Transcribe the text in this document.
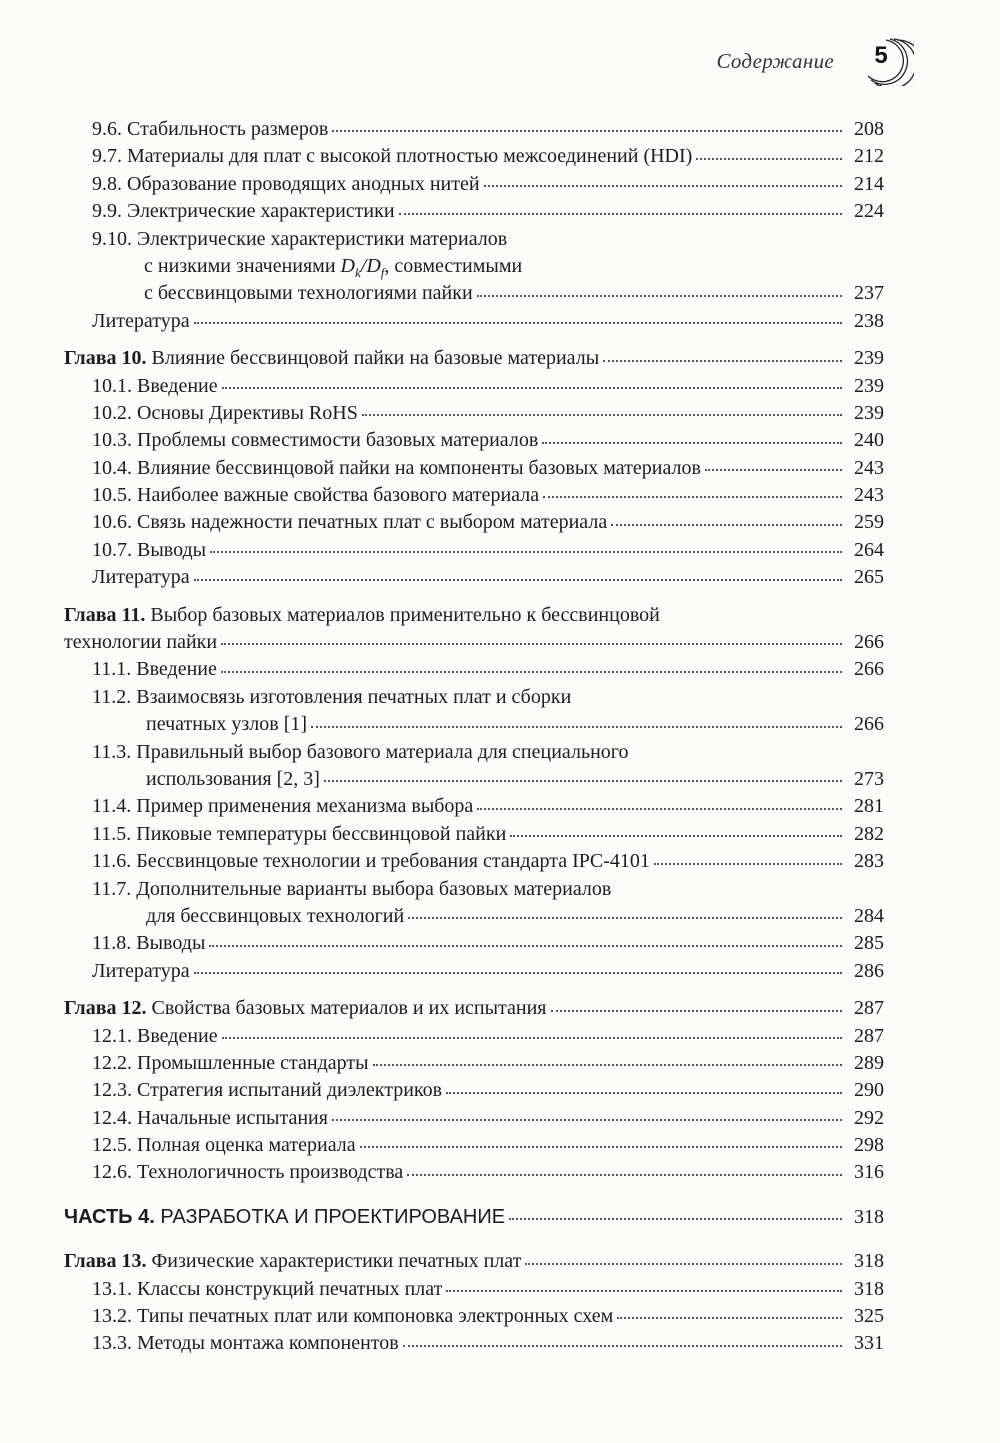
Содержание	5
9.6. Стабильность размеров	208
9.7. Материалы для плат с высокой плотностью межсоединений (HDI)	212
9.8. Образование проводящих анодных нитей	214
9.9. Электрические характеристики	224
9.10. Электрические характеристики материалов
с низкими значениями $D_k/D_f$, совместимыми
с бессвинцовыми технологиями пайки	237
Литература	238
Глава 10. Влияние бессвинцовой пайки на базовые материалы	239
10.1. Введение	239
10.2. Основы Директивы RoHS	239
10.3. Проблемы совместимости базовых материалов	240
10.4. Влияние бессвинцовой пайки на компоненты базовых материалов	243
10.5. Наиболее важные свойства базового материала	243
10.6. Связь надежности печатных плат с выбором материала	259
10.7. Выводы	264
Литература	265
Глава 11. Выбор базовых материалов применительно к бессвинцовой
технологии пайки	266
11.1. Введение	266
11.2. Взаимосвязь изготовления печатных плат и сборки
печатных узлов [1]	266
11.3. Правильный выбор базового материала для специального
использования [2, 3]	273
11.4. Пример применения механизма выбора	281
11.5. Пиковые температуры бессвинцовой пайки	282
11.6. Бессвинцовые технологии и требования стандарта IPC-4101	283
11.7. Дополнительные варианты выбора базовых материалов
для бессвинцовых технологий	284
11.8. Выводы	285
Литература	286
Глава 12. Свойства базовых материалов и их испытания	287
12.1. Введение	287
12.2. Промышленные стандарты	289
12.3. Стратегия испытаний диэлектриков	290
12.4. Начальные испытания	292
12.5. Полная оценка материала	298
12.6. Технологичность производства	316
ЧАСТЬ 4. РАЗРАБОТКА И ПРОЕКТИРОВАНИЕ	318
Глава 13. Физические характеристики печатных плат	318
13.1. Классы конструкций печатных плат	318
13.2. Типы печатных плат или компоновка электронных схем	325
13.3. Методы монтажа компонентов	331
